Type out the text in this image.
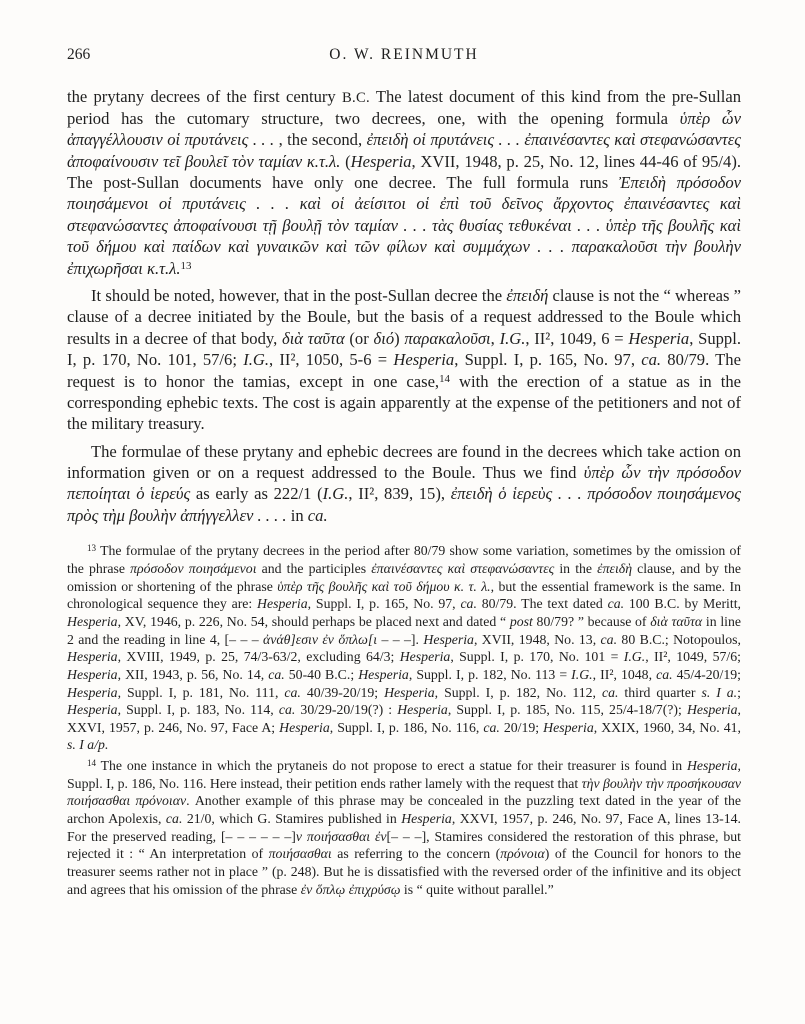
266	O. W. REINMUTH

the prytany decrees of the first century B.C. The latest document of this kind from the pre-Sullan period has the cutomary structure, two decrees, one, with the opening formula ὑπὲρ ὧν ἀπαγγέλλουσιν οἱ πρυτάνεις . . . , the second, ἐπειδὴ οἱ πρυτάνεις . . . ἐπαινέσαντες καὶ στεφανώσαντες ἀποφαίνουσιν τεῖ βουλεῖ τὸν ταμίαν κ.τ.λ. (Hesperia, XVII, 1948, p. 25, No. 12, lines 44-46 of 95/4). The post-Sullan documents have only one decree. The full formula runs Ἐπειδὴ πρόσοδον ποιησάμενοι οἱ πρυτάνεις . . . καὶ οἱ ἀείσιτοι οἱ ἐπὶ τοῦ δεῖνος ἄρχοντος ἐπαινέσαντες καὶ στεφανώσαντες ἀποφαίνουσι τῇ βουλῇ τὸν ταμίαν . . . τὰς θυσίας τεθυκέναι . . . ὑπὲρ τῆς βουλῆς καὶ τοῦ δήμου καὶ παίδων καὶ γυναικῶν καὶ τῶν φίλων καὶ συμμάχων . . . παρακαλοῦσι τὴν βουλὴν ἐπιχωρῆσαι κ.τ.λ.$^{13}$

It should be noted, however, that in the post-Sullan decree the ἐπειδή clause is not the “ whereas ” clause of a decree initiated by the Boule, but the basis of a request addressed to the Boule which results in a decree of that body, διὰ ταῦτα (or διό) παρακαλοῦσι, I.G., II², 1049, 6 = Hesperia, Suppl. I, p. 170, No. 101, 57/6; I.G., II², 1050, 5-6 = Hesperia, Suppl. I, p. 165, No. 97, ca. 80/79. The request is to honor the tamias, except in one case,$^{14}$ with the erection of a statue as in the corresponding ephebic texts. The cost is again apparently at the expense of the petitioners and not of the military treasury.

The formulae of these prytany and ephebic decrees are found in the decrees which take action on information given or on a request addressed to the Boule. Thus we find ὑπὲρ ὧν τὴν πρόσοδον πεποίηται ὁ ἱερεύς as early as 222/1 (I.G., II², 839, 15), ἐπειδὴ ὁ ἱερεὺς . . . πρόσοδον ποιησάμενος πρὸς τὴμ βουλὴν ἀπήγγελλεν . . . . in ca.

$^{13}$ The formulae of the prytany decrees in the period after 80/79 show some variation, sometimes by the omission of the phrase πρόσοδον ποιησάμενοι and the participles ἐπαινέσαντες καὶ στεφανώσαντες in the ἐπειδὴ clause, and by the omission or shortening of the phrase ὑπὲρ τῆς βουλῆς καὶ τοῦ δήμου κ. τ. λ., but the essential framework is the same. In chronological sequence they are: Hesperia, Suppl. I, p. 165, No. 97, ca. 80/79. The text dated ca. 100 B.C. by Meritt, Hesperia, XV, 1946, p. 226, No. 54, should perhaps be placed next and dated “ post 80/79? ” because of διὰ ταῦτα in line 2 and the reading in line 4, [– – – ἀνάθ]εσιν ἐν ὅπλω[ι – – –]. Hesperia, XVII, 1948, No. 13, ca. 80 B.C.; Notopoulos, Hesperia, XVIII, 1949, p. 25, 74/3-63/2, excluding 64/3; Hesperia, Suppl. I, p. 170, No. 101 = I.G., II², 1049, 57/6; Hesperia, XII, 1943, p. 56, No. 14, ca. 50-40 B.C.; Hesperia, Suppl. I, p. 182, No. 113 = I.G., II², 1048, ca. 45/4-20/19; Hesperia, Suppl. I, p. 181, No. 111, ca. 40/39-20/19; Hesperia, Suppl. I, p. 182, No. 112, ca. third quarter s. I a.; Hesperia, Suppl. I, p. 183, No. 114, ca. 30/29-20/19(?) : Hesperia, Suppl. I, p. 185, No. 115, 25/4-18/7(?); Hesperia, XXVI, 1957, p. 246, No. 97, Face A; Hesperia, Suppl. I, p. 186, No. 116, ca. 20/19; Hesperia, XXIX, 1960, 34, No. 41, s. I a/p.

$^{14}$ The one instance in which the prytaneis do not propose to erect a statue for their treasurer is found in Hesperia, Suppl. I, p. 186, No. 116. Here instead, their petition ends rather lamely with the request that τὴν βουλὴν τὴν προσήκουσαν ποιήσασθαι πρόνοιαν. Another example of this phrase may be concealed in the puzzling text dated in the year of the archon Apolexis, ca. 21/0, which G. Stamires published in Hesperia, XXVI, 1957, p. 246, No. 97, Face A, lines 13-14. For the preserved reading, [– – – – – –]ν ποιήσασθαι ἐν[– – –], Stamires considered the restoration of this phrase, but rejected it : “ An interpretation of ποιήσασθαι as referring to the concern (πρόνοια) of the Council for honors to the treasurer seems rather not in place ” (p. 248). But he is dissatisfied with the reversed order of the infinitive and its object and agrees that his omission of the phrase ἐν ὅπλῳ ἐπιχρύσῳ is “ quite without parallel.”
